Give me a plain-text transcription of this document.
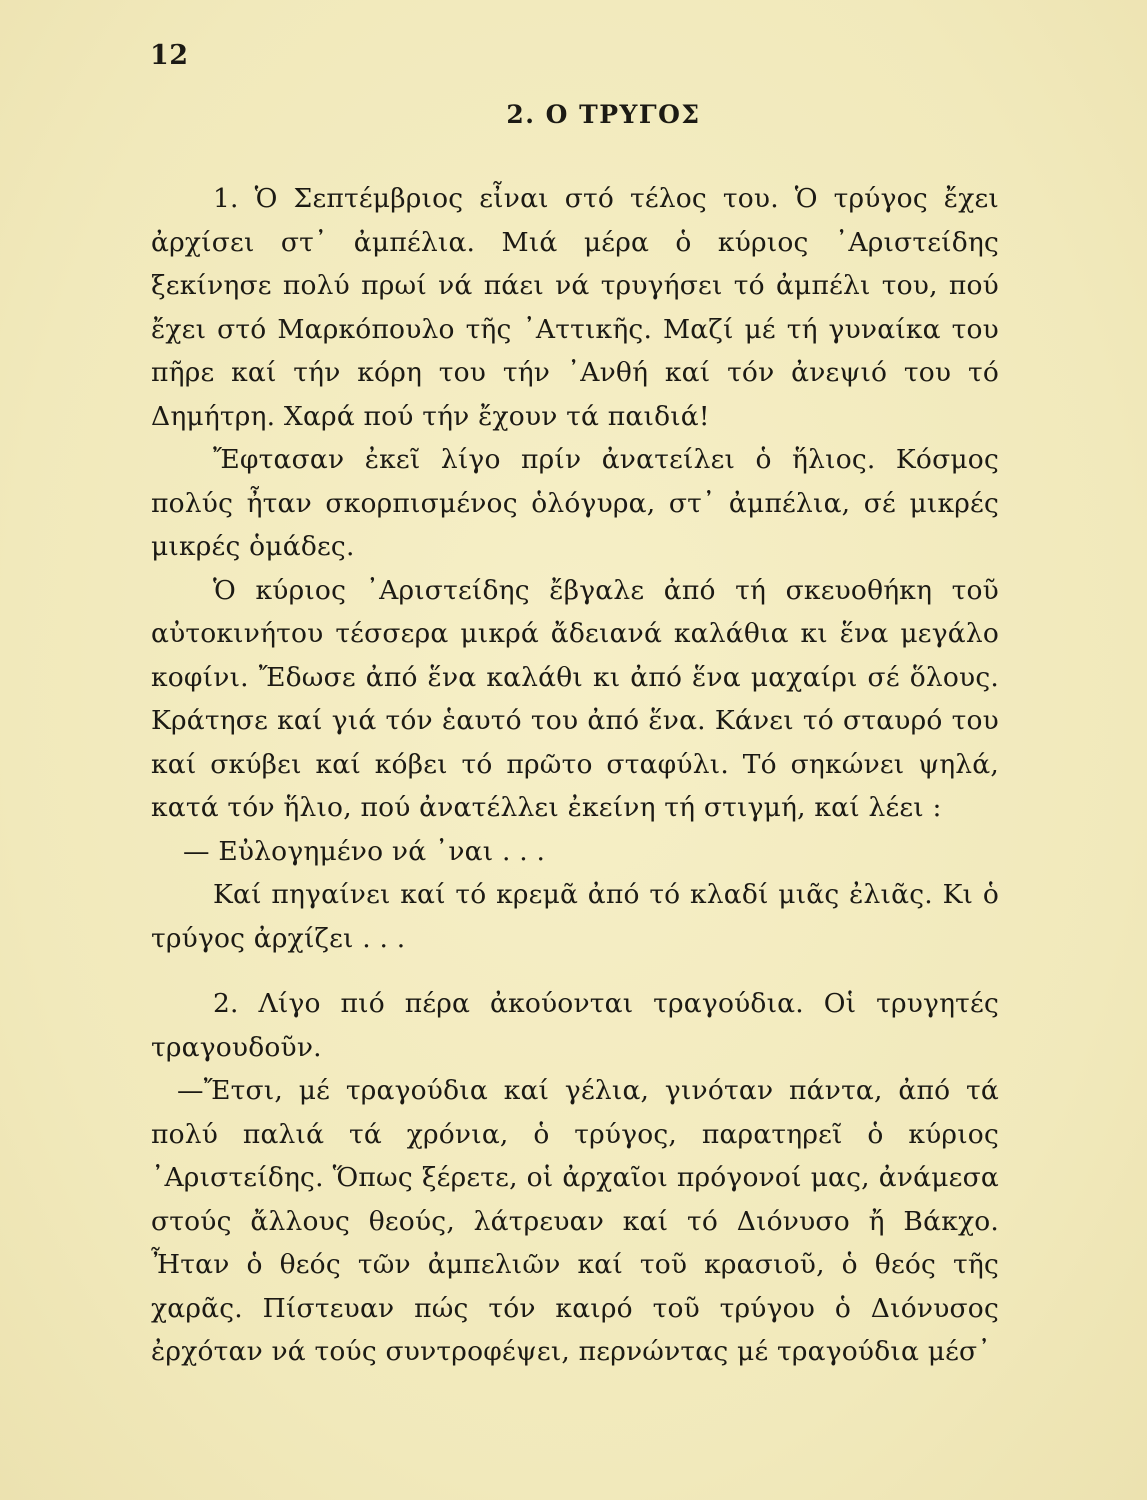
12
2. Ο ΤΡΥΓΟΣ

1. Ὁ Σεπτέμβριος εἶναι στό τέλος του. Ὁ τρύγος ἔχει ἀρχίσει στ᾿ ἀμπέλια. Μιά μέρα ὁ κύριος ᾿Αριστείδης ξεκίνησε πολύ πρωί νά πάει νά τρυγήσει τό ἀμπέλι του, πού ἔχει στό Μαρκόπουλο τῆς ᾿Αττικῆς. Μαζί μέ τή γυναίκα του πῆρε καί τήν κόρη του τήν ᾿Ανθή καί τόν ἀνεψιό του τό Δημήτρη. Χαρά πού τήν ἔχουν τά παιδιά!

Ἔφτασαν ἐκεῖ λίγο πρίν ἀνατείλει ὁ ἥλιος. Κόσμος πολύς ἦταν σκορπισμένος ὁλόγυρα, στ᾿ ἀμπέλια, σέ μικρές μικρές ὁμάδες.

Ὁ κύριος ᾿Αριστείδης ἔβγαλε ἀπό τή σκευοθήκη τοῦ αὐτοκινήτου τέσσερα μικρά ἄδειανά καλάθια κι ἕνα μεγάλο κοφίνι. Ἔδωσε ἀπό ἕνα καλάθι κι ἀπό ἕνα μαχαίρι σέ ὅλους. Κράτησε καί γιά τόν ἑαυτό του ἀπό ἕνα. Κάνει τό σταυρό του καί σκύβει καί κόβει τό πρῶτο σταφύλι. Τό σηκώνει ψηλά, κατά τόν ἥλιο, πού ἀνατέλλει ἐκείνη τή στιγμή, καί λέει :

— Εὐλογημένο νά ᾿ναι . . .

Καί πηγαίνει καί τό κρεμᾶ ἀπό τό κλαδί μιᾶς ἐλιᾶς. Κι ὁ τρύγος ἀρχίζει . . .

2. Λίγο πιό πέρα ἀκούονται τραγούδια. Οἱ τρυγητές τραγουδοῦν.

—Ἔτσι, μέ τραγούδια καί γέλια, γινόταν πάντα, ἀπό τά πολύ παλιά τά χρόνια, ὁ τρύγος, παρατηρεῖ ὁ κύριος ᾿Αριστείδης. Ὅπως ξέρετε, οἱ ἀρχαῖοι πρόγονοί μας, ἀνάμεσα στούς ἄλλους θεούς, λάτρευαν καί τό Διόνυσο ἤ Βάκχο. Ἦταν ὁ θεός τῶν ἀμπελιῶν καί τοῦ κρασιοῦ, ὁ θεός τῆς χαρᾶς. Πίστευαν πώς τόν καιρό τοῦ τρύγου ὁ Διόνυσος ἐρχόταν νά τούς συντροφέψει, περνώντας μέ τραγούδια μέσ᾿
